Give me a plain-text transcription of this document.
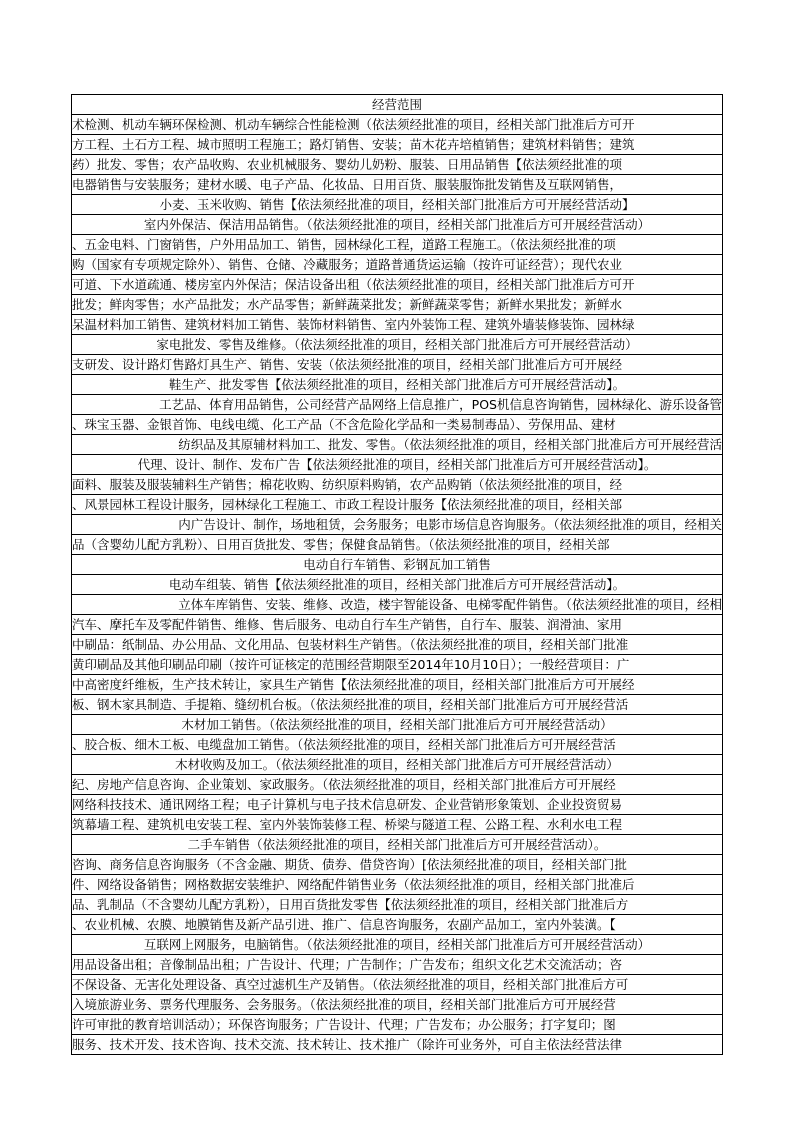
经营范围
术检测、机动车辆环保检测、机动车辆综合性能检测（依法须经批准的项目，经相关部门批准后方可开
方工程、土石方工程、城市照明工程施工；路灯销售、安装；苗木花卉培植销售；建筑材料销售；建筑
药）批发、零售；农产品收购、农业机械服务、婴幼儿奶粉、服装、日用品销售【依法须经批准的项
电器销售与安装服务；建材水暖、电子产品、化妆品、日用百货、服装服饰批发销售及互联网销售，
小麦、玉米收购、销售【依法须经批准的项目，经相关部门批准后方可开展经营活动】
室内外保洁、保洁用品销售。（依法须经批准的项目，经相关部门批准后方可开展经营活动）
、五金电料、门窗销售，户外用品加工、销售，园林绿化工程，道路工程施工。（依法须经批准的项
购（国家有专项规定除外）、销售、仓储、冷藏服务；道路普通货运运输（按许可证经营）；现代农业
可道、下水道疏通、楼房室内外保洁；保洁设备出租（依法须经批准的项目，经相关部门批准后方可开
批发；鲜肉零售；水产品批发；水产品零售；新鲜蔬菜批发；新鲜蔬菜零售；新鲜水果批发；新鲜水
呆温材料加工销售、建筑材料加工销售、装饰材料销售、室内外装饰工程、建筑外墙装修装饰、园林绿
家电批发、零售及维修。（依法须经批准的项目，经相关部门批准后方可开展经营活动）
支研发、设计路灯售路灯具生产、销售、安装（依法须经批准的项目，经相关部门批准后方可开展经
鞋生产、批发零售【依法须经批准的项目，经相关部门批准后方可开展经营活动】。
工艺品、体育用品销售，公司经营产品网络上信息推广，POS机信息咨询销售，园林绿化、游乐设备管
、珠宝玉器、金银首饰、电线电缆、化工产品（不含危险化学品和一类易制毒品）、劳保用品、建材
纺织品及其原辅材料加工、批发、零售。（依法须经批准的项目，经相关部门批准后方可开展经营活
代理、设计、制作、发布广告【依法须经批准的项目，经相关部门批准后方可开展经营活动】。
面料、服装及服装辅料生产销售；棉花收购、纺织原料购销，农产品购销（依法须经批准的项目，经
、风景园林工程设计服务，园林绿化工程施工、市政工程设计服务【依法须经批准的项目，经相关部
内广告设计、制作，场地租赁，会务服务；电影市场信息咨询服务。（依法须经批准的项目，经相关
品（含婴幼儿配方乳粉）、日用百货批发、零售；保健食品销售。（依法须经批准的项目，经相关部
电动自行车销售、彩钢瓦加工销售
电动车组装、销售【依法须经批准的项目，经相关部门批准后方可开展经营活动】。
立体车库销售、安装、维修、改造，楼宇智能设备、电梯零配件销售。（依法须经批准的项目，经相
汽车、摩托车及零配件销售、维修、售后服务、电动自行车生产销售，自行车、服装、润滑油、家用
中刷品：纸制品、办公用品、文化用品、包装材料生产销售。（依法须经批准的项目，经相关部门批准
黄印刷品及其他印刷品印刷（按许可证核定的范围经营期限至2014年10月10日）；一般经营项目：广
中高密度纤维板，生产技术转让，家具生产销售【依法须经批准的项目，经相关部门批准后方可开展经
板、钢木家具制造、手提箱、缝纫机台板。（依法须经批准的项目，经相关部门批准后方可开展经营活
木材加工销售。（依法须经批准的项目，经相关部门批准后方可开展经营活动）
、胶合板、细木工板、电缆盘加工销售。（依法须经批准的项目，经相关部门批准后方可开展经营活
木材收购及加工。（依法须经批准的项目，经相关部门批准后方可开展经营活动）
纪、房地产信息咨询、企业策划、家政服务。（依法须经批准的项目，经相关部门批准后方可开展经
网络科技技术、通讯网络工程；电子计算机与电子技术信息研发、企业营销形象策划、企业投资贸易
筑幕墙工程、建筑机电安装工程、室内外装饰装修工程、桥梁与隧道工程、公路工程、水利水电工程
二手车销售（依法须经批准的项目，经相关部门批准后方可开展经营活动）。
咨询、商务信息咨询服务（不含金融、期货、债券、借贷咨询）[依法须经批准的项目，经相关部门批
件、网络设备销售；网格数据安装维护、网络配件销售业务（依法须经批准的项目，经相关部门批准后
品、乳制品（不含婴幼儿配方乳粉），日用百货批发零售【依法须经批准的项目，经相关部门批准后方
、农业机械、农膜、地膜销售及新产品引进、推广、信息咨询服务，农副产品加工，室内外装潢。【
互联网上网服务，电脑销售。（依法须经批准的项目，经相关部门批准后方可开展经营活动）
用品设备出租；音像制品出租；广告设计、代理；广告制作；广告发布；组织文化艺术交流活动；咨
不保设备、无害化处理设备、真空过滤机生产及销售。（依法须经批准的项目，经相关部门批准后方可
入境旅游业务、票务代理服务、会务服务。（依法须经批准的项目，经相关部门批准后方可开展经营
许可审批的教育培训活动）；环保咨询服务；广告设计、代理；广告发布；办公服务；打字复印；图
服务、技术开发、技术咨询、技术交流、技术转让、技术推广（除许可业务外，可自主依法经营法律
